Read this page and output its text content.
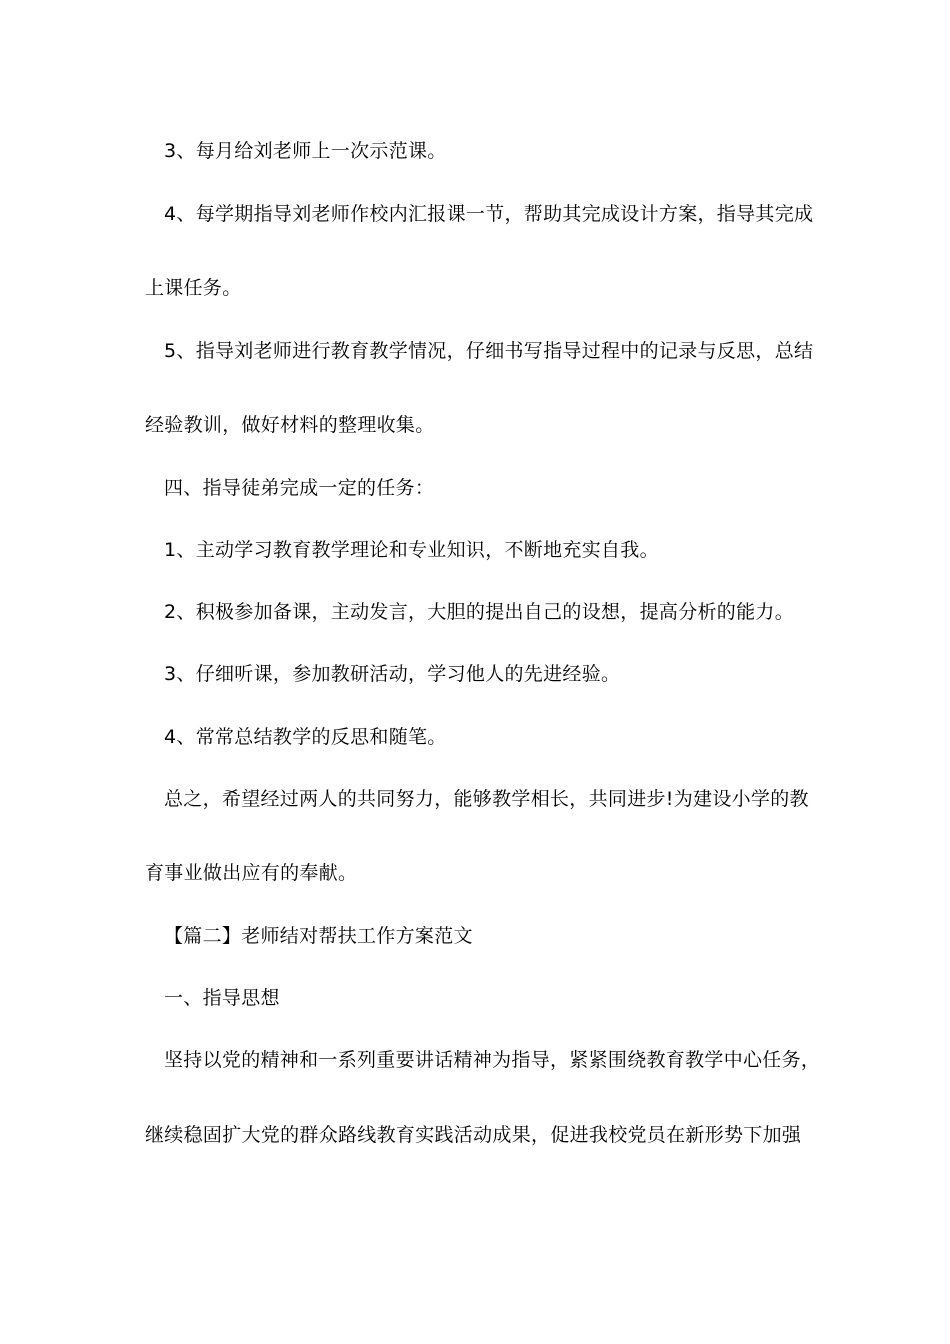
3、每月给刘老师上一次示范课。
4、每学期指导刘老师作校内汇报课一节，帮助其完成设计方案，指导其完成
上课任务。
5、指导刘老师进行教育教学情况，仔细书写指导过程中的记录与反思，总结
经验教训，做好材料的整理收集。
四、指导徒弟完成一定的任务：
1、主动学习教育教学理论和专业知识，不断地充实自我。
2、积极参加备课，主动发言，大胆的提出自己的设想，提高分析的能力。
3、仔细听课，参加教研活动，学习他人的先进经验。
4、常常总结教学的反思和随笔。
总之，希望经过两人的共同努力，能够教学相长，共同进步!为建设小学的教
育事业做出应有的奉献。
【篇二】老师结对帮扶工作方案范文
一、指导思想
坚持以党的精神和一系列重要讲话精神为指导，紧紧围绕教育教学中心任务，
继续稳固扩大党的群众路线教育实践活动成果，促进我校党员在新形势下加强
